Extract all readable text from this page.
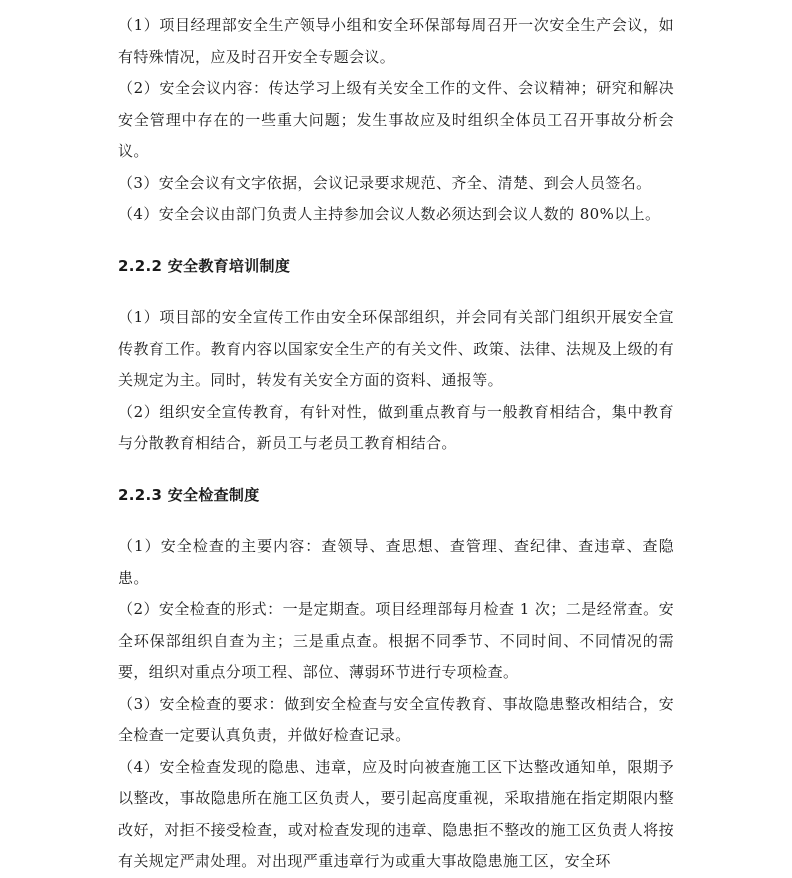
（1）项目经理部安全生产领导小组和安全环保部每周召开一次安全生产会议，如有特殊情况，应及时召开安全专题会议。

（2）安全会议内容：传达学习上级有关安全工作的文件、会议精神；研究和解决安全管理中存在的一些重大问题；发生事故应及时组织全体员工召开事故分析会议。

（3）安全会议有文字依据，会议记录要求规范、齐全、清楚、到会人员签名。

（4）安全会议由部门负责人主持参加会议人数必须达到会议人数的 80%以上。

2.2.2 安全教育培训制度

（1）项目部的安全宣传工作由安全环保部组织，并会同有关部门组织开展安全宣传教育工作。教育内容以国家安全生产的有关文件、政策、法律、法规及上级的有关规定为主。同时，转发有关安全方面的资料、通报等。

（2）组织安全宣传教育，有针对性，做到重点教育与一般教育相结合，集中教育与分散教育相结合，新员工与老员工教育相结合。

2.2.3 安全检查制度

（1）安全检查的主要内容：查领导、查思想、查管理、查纪律、查违章、查隐患。

（2）安全检查的形式：一是定期查。项目经理部每月检查 1 次；二是经常查。安全环保部组织自查为主；三是重点查。根据不同季节、不同时间、不同情况的需要，组织对重点分项工程、部位、薄弱环节进行专项检查。

（3）安全检查的要求：做到安全检查与安全宣传教育、事故隐患整改相结合，安全检查一定要认真负责，并做好检查记录。

（4）安全检查发现的隐患、违章，应及时向被查施工区下达整改通知单，限期予以整改，事故隐患所在施工区负责人，要引起高度重视，采取措施在指定期限内整改好，对拒不接受检查，或对检查发现的违章、隐患拒不整改的施工区负责人将按有关规定严肃处理。对出现严重违章行为或重大事故隐患施工区，安全环
